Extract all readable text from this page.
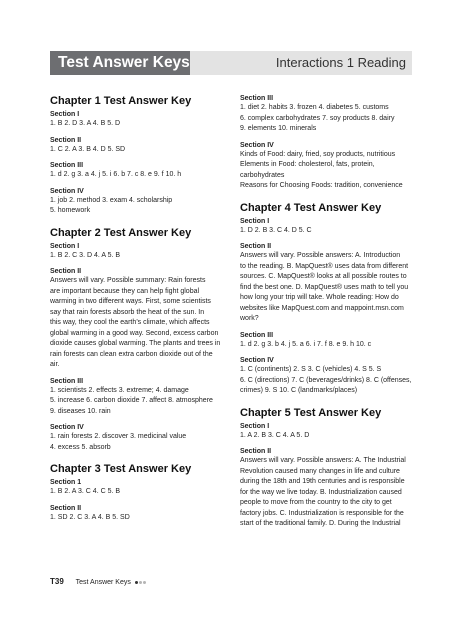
Test Answer Keys	Interactions 1 Reading
Chapter 1 Test Answer Key
Section I

1. B 2. D 3. A 4. B 5. D

Section II

1. C 2. A 3. B 4. D 5. SD

Section III

1. d 2. g 3. a 4. j 5. i 6. b 7. c 8. e 9. f 10. h

Section IV

1. job 2. method 3. exam 4. scholarship

5. homework

Chapter 2 Test Answer Key
Section I

1. B 2. C 3. D 4. A 5. B

Section II

Answers will vary. Possible summary: Rain forests

are important because they can help fight global

warming in two different ways. First, some scientists

say that rain forests absorb the heat of the sun. In

this way, they cool the earth’s climate, which affects

global warming in a good way. Second, excess carbon

dioxide causes global warming. The plants and trees in

rain forests can clean extra carbon dioxide out of the

air.

Section III

1. scientists 2. effects 3. extreme; 4. damage

5. increase 6. carbon dioxide 7. affect 8. atmosphere

9. diseases 10. rain

Section IV

1. rain forests 2. discover 3. medicinal value

4. excess 5. absorb

Chapter 3 Test Answer Key
Section 1

1. B 2. A 3. C 4. C 5. B

Section II

1. SD 2. C 3. A 4. B 5. SD

Section III

1. diet 2. habits 3. frozen 4. diabetes 5. customs

6. complex carbohydrates 7. soy products 8. dairy

9. elements 10. minerals

Section IV

Kinds of Food: dairy, fried, soy products, nutritious

Elements in Food: cholesterol, fats, protein,

carbohydrates

Reasons for Choosing Foods: tradition, convenience

Chapter 4 Test Answer Key
Section I

1. D 2. B 3. C 4. D 5. C

Section II

Answers will vary. Possible answers: A. Introduction

to the reading. B. MapQuest® uses data from different

sources. C. MapQuest® looks at all possible routes to

find the best one. D. MapQuest® uses math to tell you

how long your trip will take. Whole reading: How do

websites like MapQuest.com and mappoint.msn.com

work?

Section III

1. d 2. g 3. b 4. j 5. a 6. i 7. f 8. e 9. h 10. c

Section IV

1. C (continents) 2. S 3. C (vehicles) 4. S 5. S

6. C (directions) 7. C (beverages/drinks) 8. C (offenses,

crimes) 9. S 10. C (landmarks/places)

Chapter 5 Test Answer Key
Section I

1. A 2. B 3. C 4. A 5. D

Section II

Answers will vary. Possible answers: A. The Industrial

Revolution caused many changes in life and culture

during the 18th and 19th centuries and is responsible

for the way we live today. B. Industrialization caused

people to move from the country to the city to get

factory jobs. C. Industrialization is responsible for the

start of the traditional family. D. During the Industrial

T39 Test Answer Keys
